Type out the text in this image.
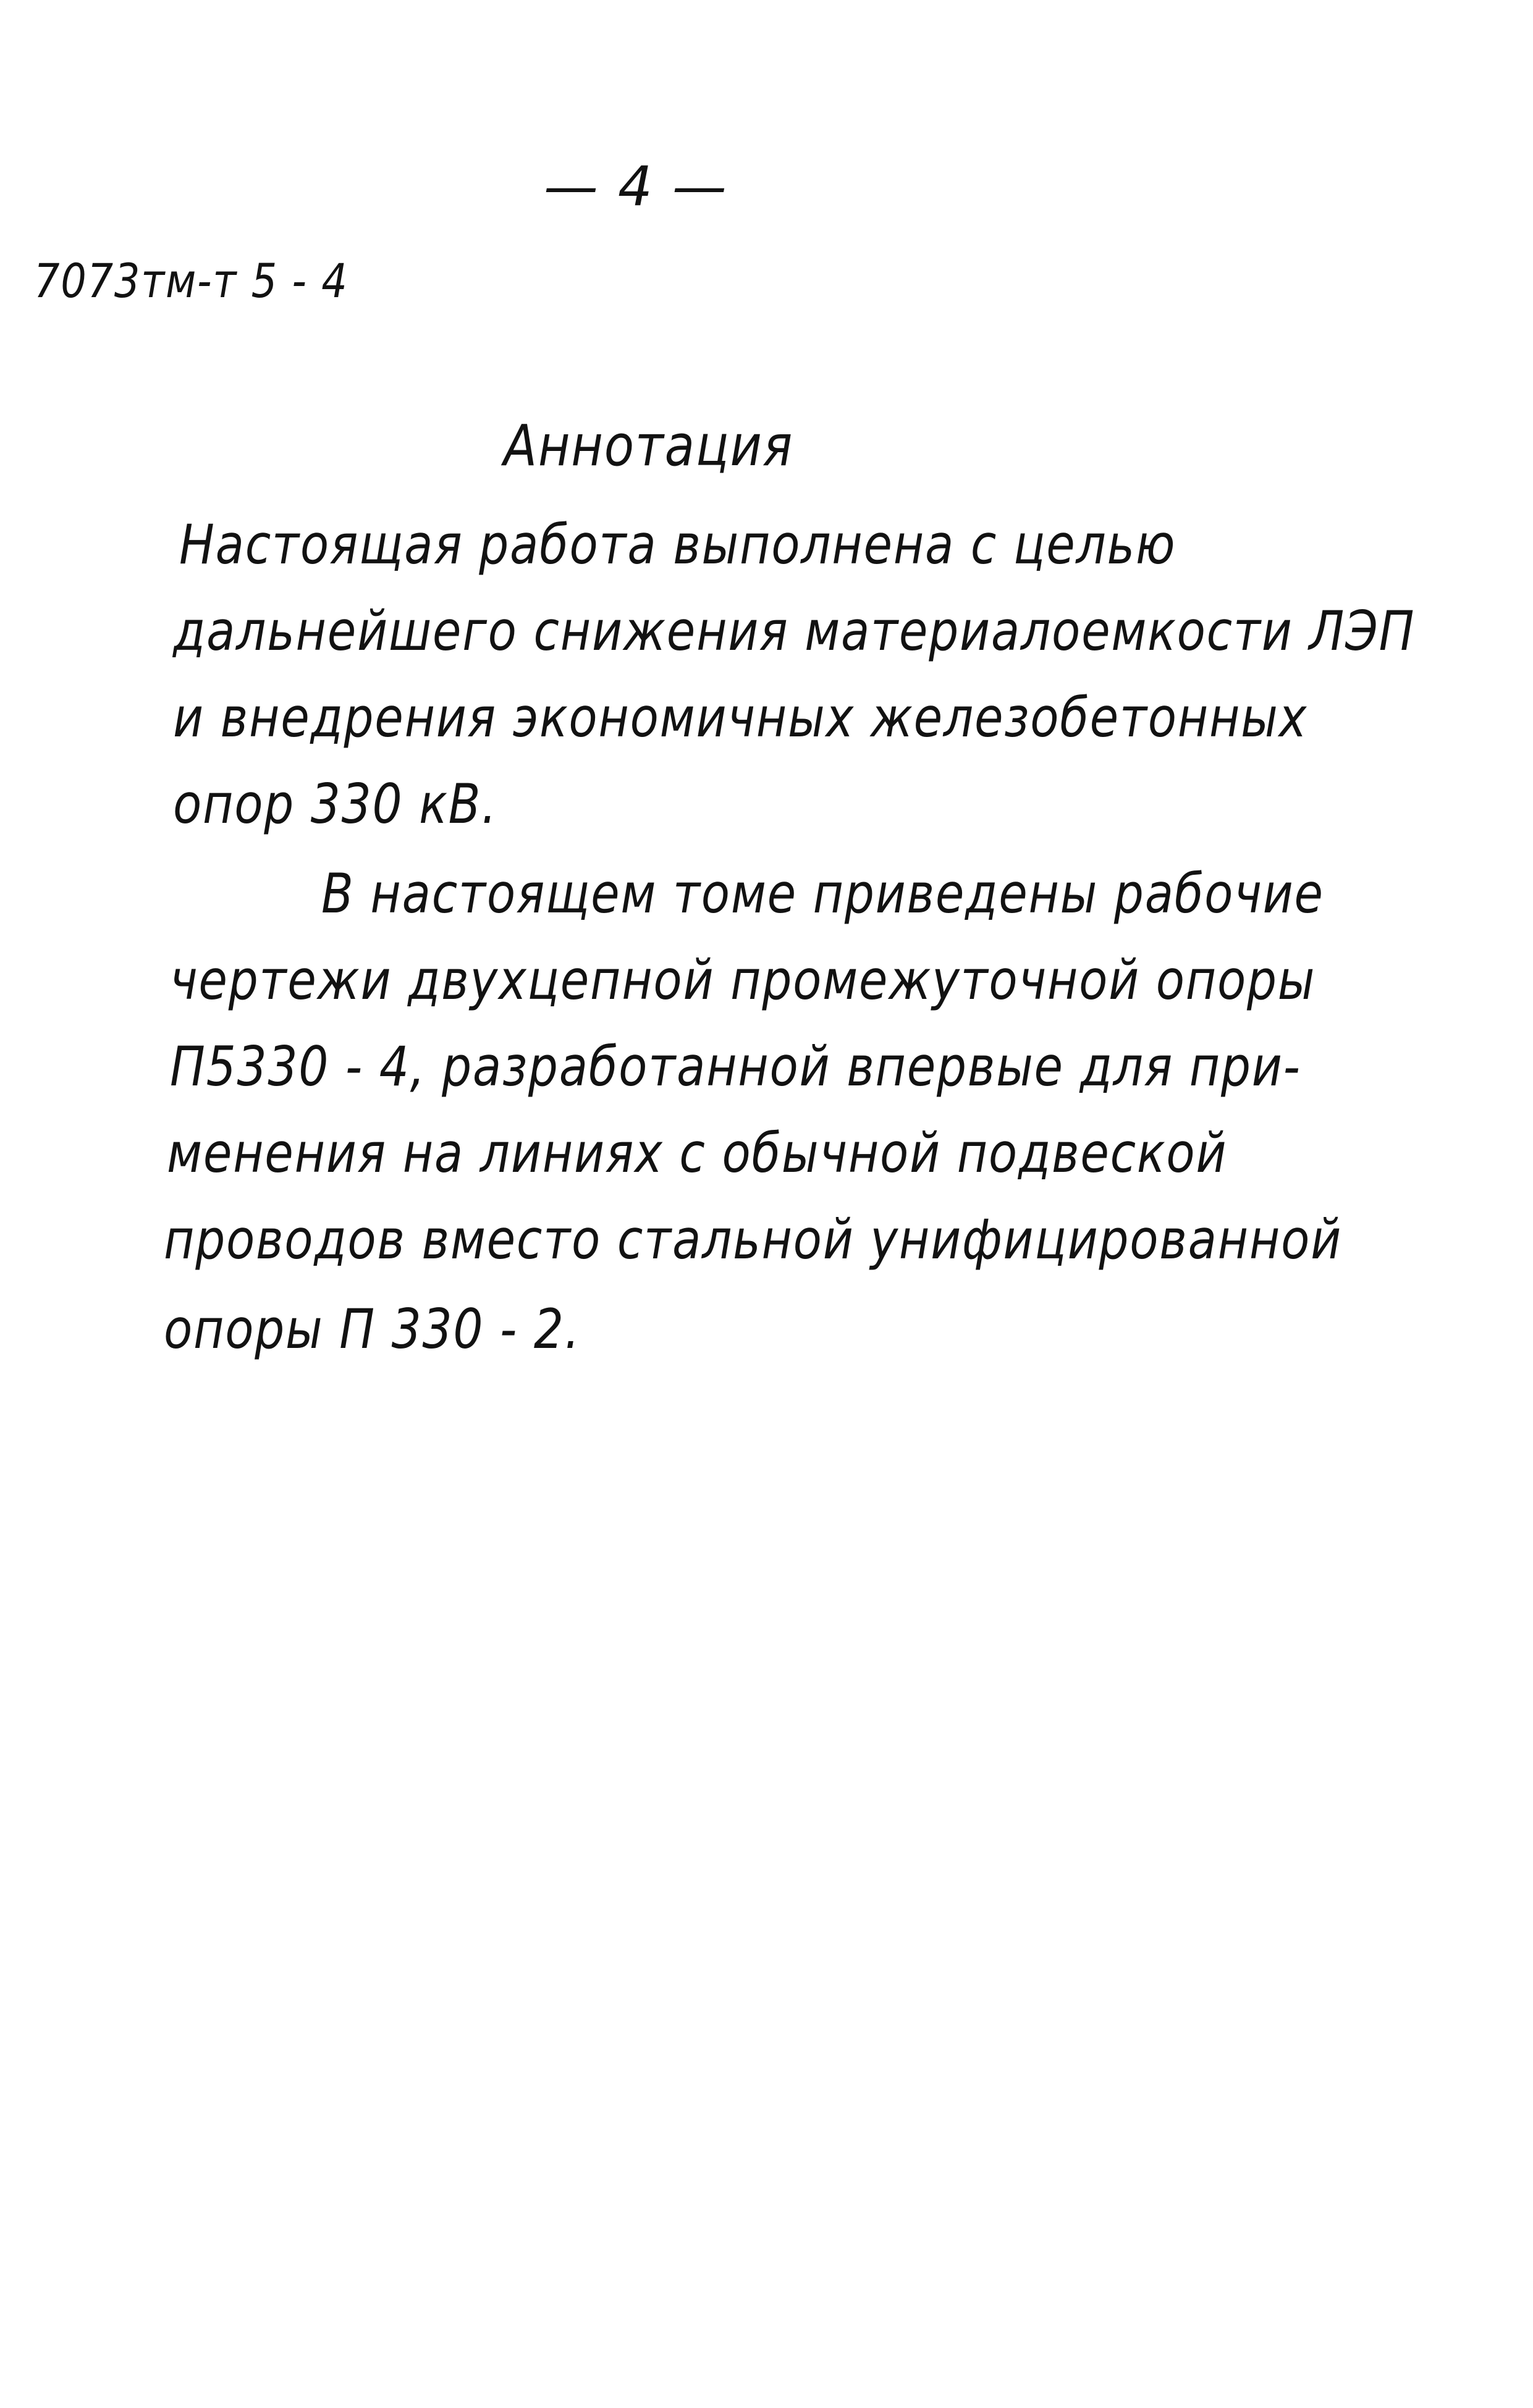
— 4 —
7073тм-т 5 - 4
Аннотация
Настоящая работа выполнена с целью
дальнейшего снижения материалоемкости ЛЭП
и внедрения экономичных железобетонных
опор 330 кВ.
В настоящем томе приведены рабочие
чертежи двухцепной промежуточной опоры
П5330 - 4, разработанной впервые для при-
менения на линиях с обычной подвеской
проводов вместо стальной унифицированной
опоры П 330 - 2.
